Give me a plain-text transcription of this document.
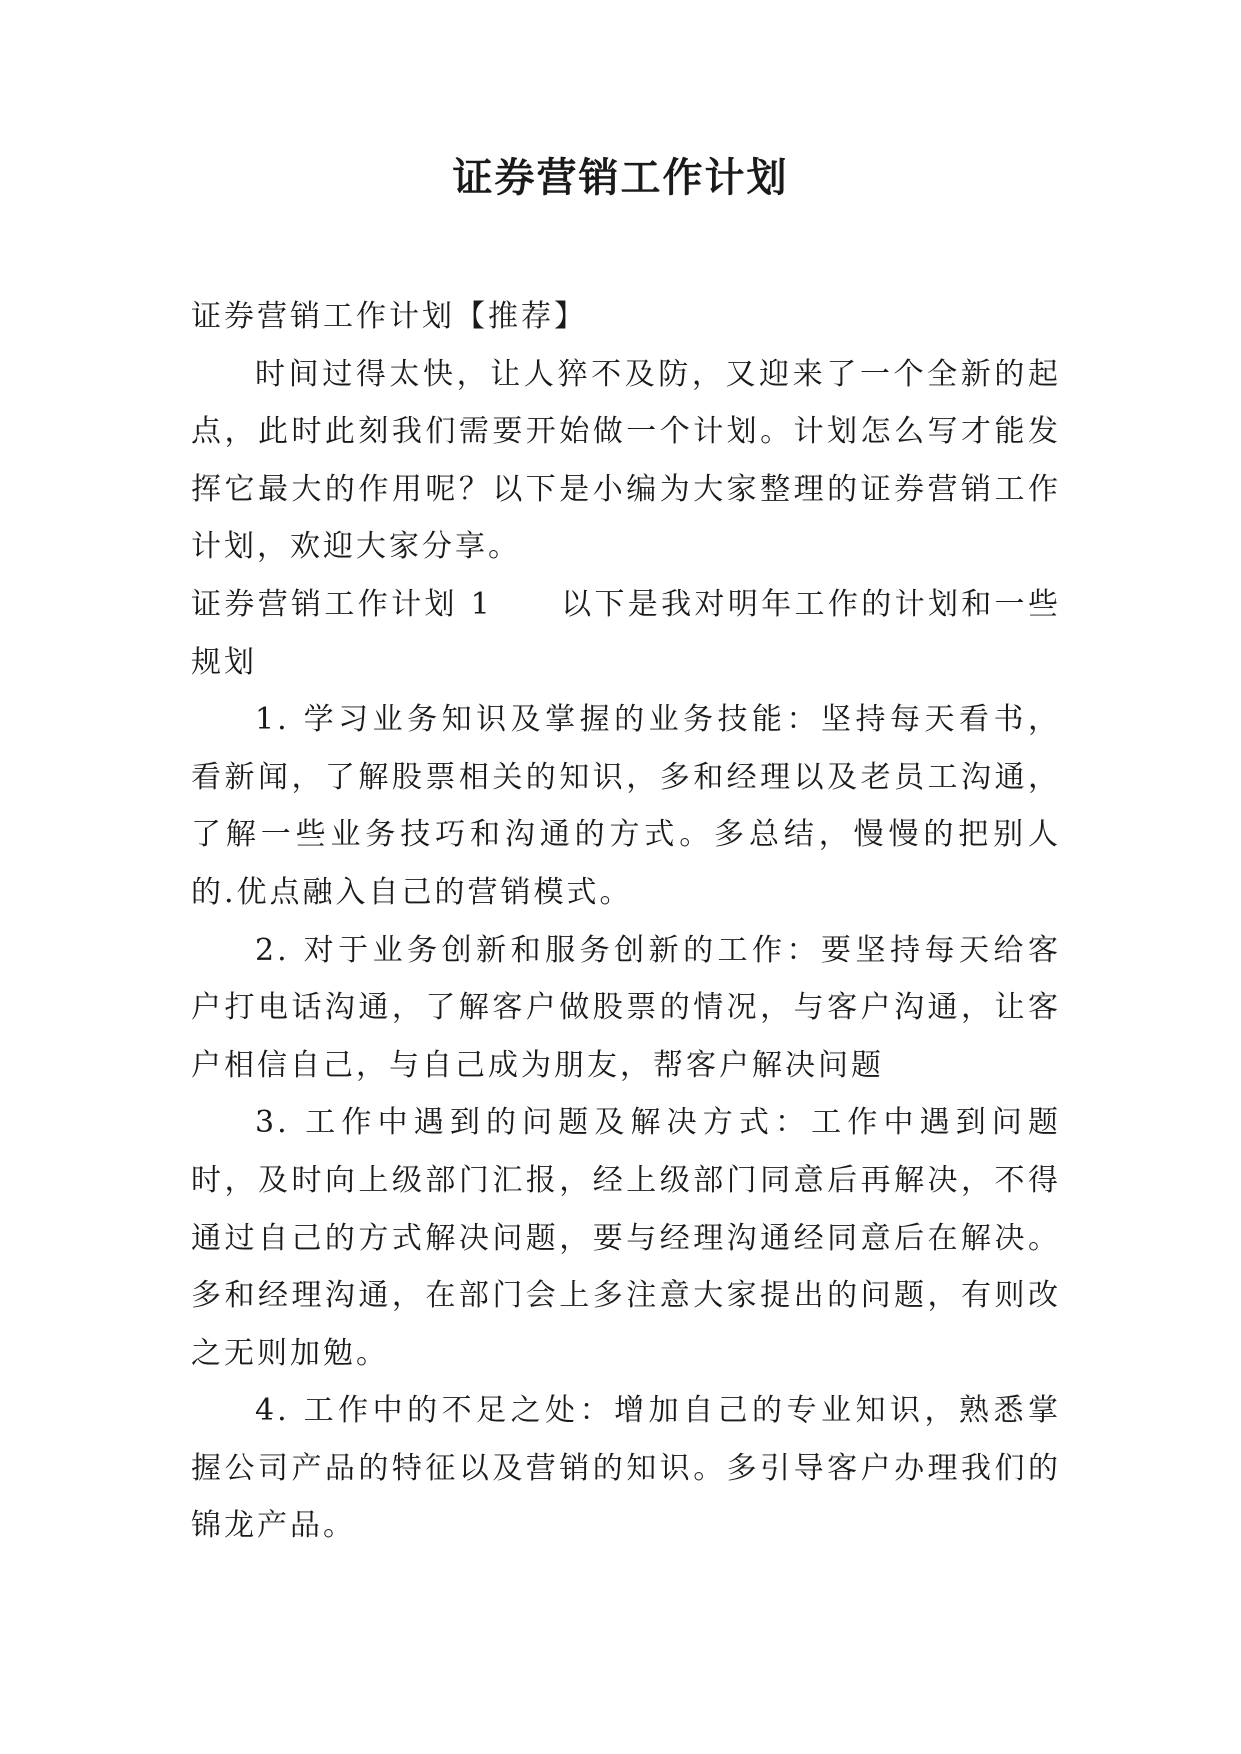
证券营销工作计划

证券营销工作计划【推荐】

时间过得太快，让人猝不及防，又迎来了一个全新的起点，此时此刻我们需要开始做一个计划。计划怎么写才能发挥它最大的作用呢？以下是小编为大家整理的证券营销工作计划，欢迎大家分享。

证券营销工作计划 1 以下是我对明年工作的计划和一些规划

1. 学习业务知识及掌握的业务技能：坚持每天看书，看新闻，了解股票相关的知识，多和经理以及老员工沟通，了解一些业务技巧和沟通的方式。多总结，慢慢的把别人的.优点融入自己的营销模式。

2. 对于业务创新和服务创新的工作：要坚持每天给客户打电话沟通，了解客户做股票的情况，与客户沟通，让客户相信自己，与自己成为朋友，帮客户解决问题

3. 工作中遇到的问题及解决方式：工作中遇到问题时，及时向上级部门汇报，经上级部门同意后再解决，不得通过自己的方式解决问题，要与经理沟通经同意后在解决。多和经理沟通，在部门会上多注意大家提出的问题，有则改之无则加勉。

4. 工作中的不足之处：增加自己的专业知识，熟悉掌握公司产品的特征以及营销的知识。多引导客户办理我们的锦龙产品。
